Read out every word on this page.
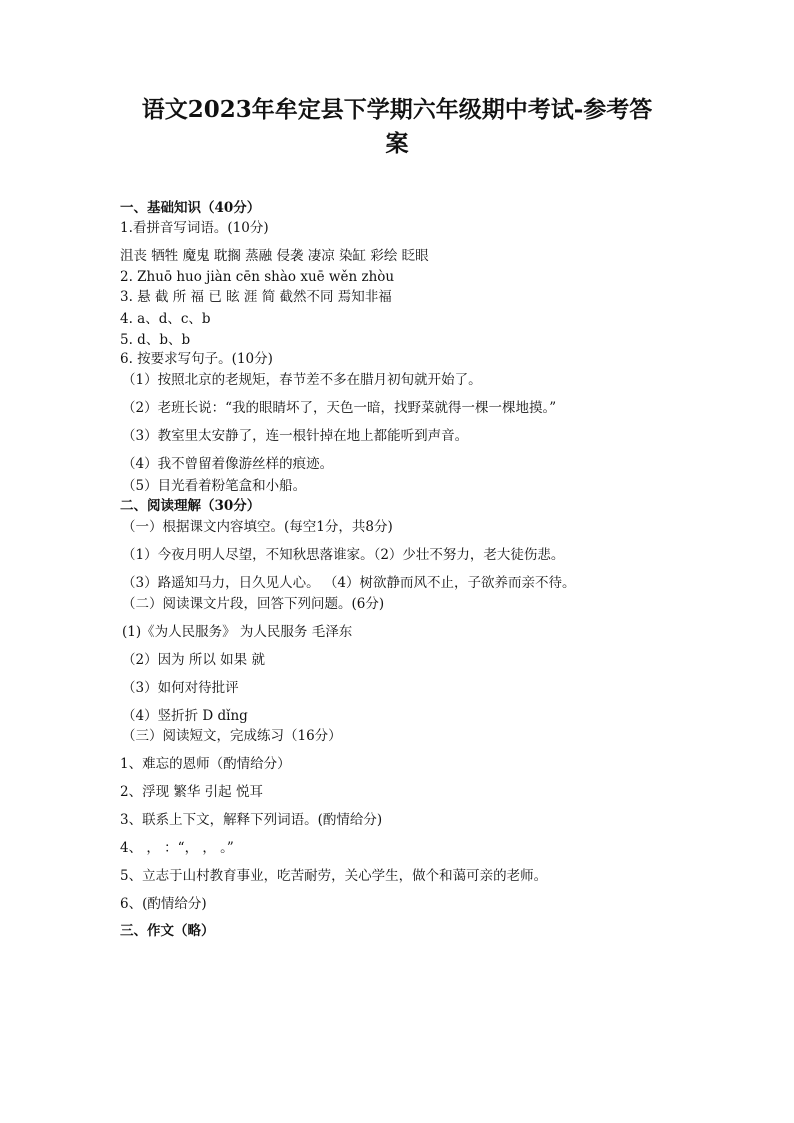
语文2023年牟定县下学期六年级期中考试-参考答
案
一、基础知识（40分）
1.看拼音写词语。(10分)
沮丧 牺牲 魔鬼 耽搁 蒸融 侵袭 凄凉 染缸 彩绘 眨眼
2. Zhuō huo jiàn cēn shào xuē wěn zhòu
3. 悬 截 所 福 已 眩 涯 简 截然不同 焉知非福
4. a、d、c、b
5. d、b、b
6. 按要求写句子。(10分)
（1）按照北京的老规矩，春节差不多在腊月初旬就开始了。
（2）老班长说：“我的眼睛坏了，天色一暗，找野菜就得一棵一棵地摸。”
（3）教室里太安静了，连一根针掉在地上都能听到声音。
（4）我不曾留着像游丝样的痕迹。
（5）目光看着粉笔盒和小船。
二、阅读理解（30分）
（一）根据课文内容填空。(每空1分，共8分)
（1）今夜月明人尽望，不知秋思落谁家。（2）少壮不努力，老大徒伤悲。
（3）路遥知马力，日久见人心。 （4）树欲静而风不止，子欲养而亲不待。
（二）阅读课文片段，回答下列问题。(6分)
(1)《为人民服务》 为人民服务 毛泽东
（2）因为 所以 如果 就
（3）如何对待批评
（4）竖折折 D dǐng
（三）阅读短文，完成练习（16分）
1、难忘的恩师（酌情给分）
2、浮现 繁华 引起 悦耳
3、联系上下文，解释下列词语。(酌情给分)
4、 ， ：“， ， 。”
5、立志于山村教育事业，吃苦耐劳，关心学生，做个和蔼可亲的老师。
6、(酌情给分)
三、作文（略）
